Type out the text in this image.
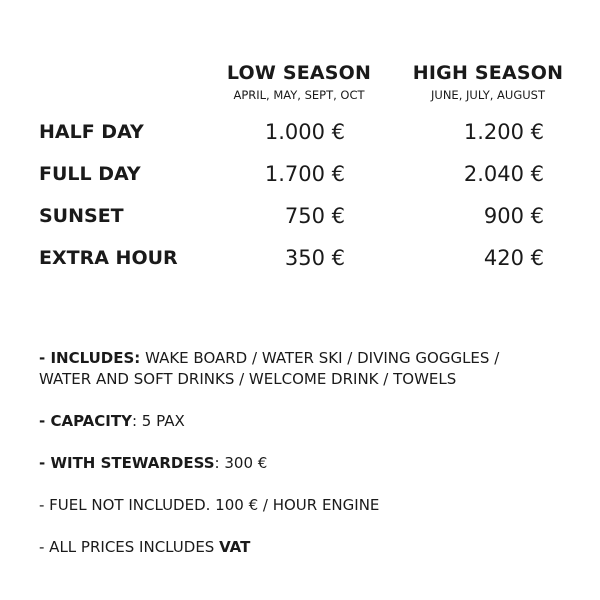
LOW SEASON
APRIL, MAY, SEPT, OCT
HIGH SEASON
JUNE, JULY, AUGUST
HALF DAY	1.000 €	1.200 €
FULL DAY	1.700 €	2.040 €
SUNSET	750 €	900 €
EXTRA HOUR	350 €	420 €

- INCLUDES: WAKE BOARD / WATER SKI / DIVING GOGGLES /
WATER AND SOFT DRINKS / WELCOME DRINK / TOWELS

- CAPACITY: 5 PAX

- WITH STEWARDESS: 300 €

- FUEL NOT INCLUDED. 100 € / HOUR ENGINE

- ALL PRICES INCLUDES VAT
